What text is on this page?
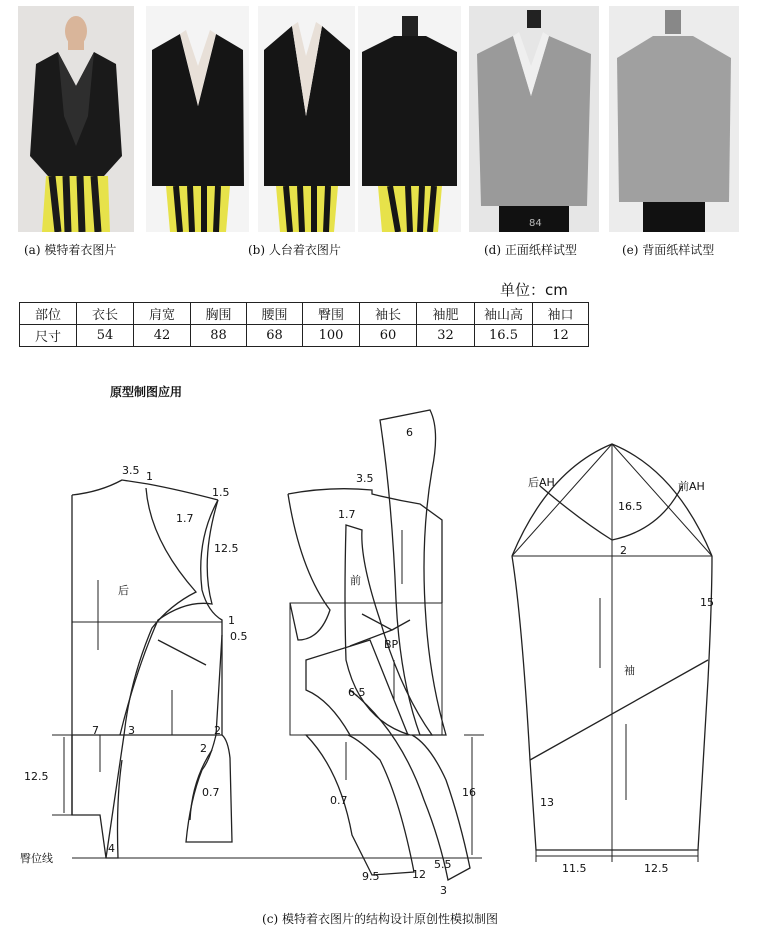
84
(a) 模特着衣图片	(b) 人台着衣图片	(d) 正面纸样试型	(e) 背面纸样试型
单位：cm
部位	衣长	肩宽	胸围	腰围	臀围	袖长	袖肥	袖山高	袖口
尺寸	54	42	88	68	100	60	32	16.5	12
原型制图应用
臀位线
后
前
袖
BP
后AH	前AH
3.5 1
1.5
1.7
12.5
1
0.5
7	3	2
2
12.5
0.7
4
3.5
1.7
6
6.5
0.7
9.5	12
5.5
3
16
16.5
2
15
13
11.5	12.5
(c) 模特着衣图片的结构设计原创性模拟制图
